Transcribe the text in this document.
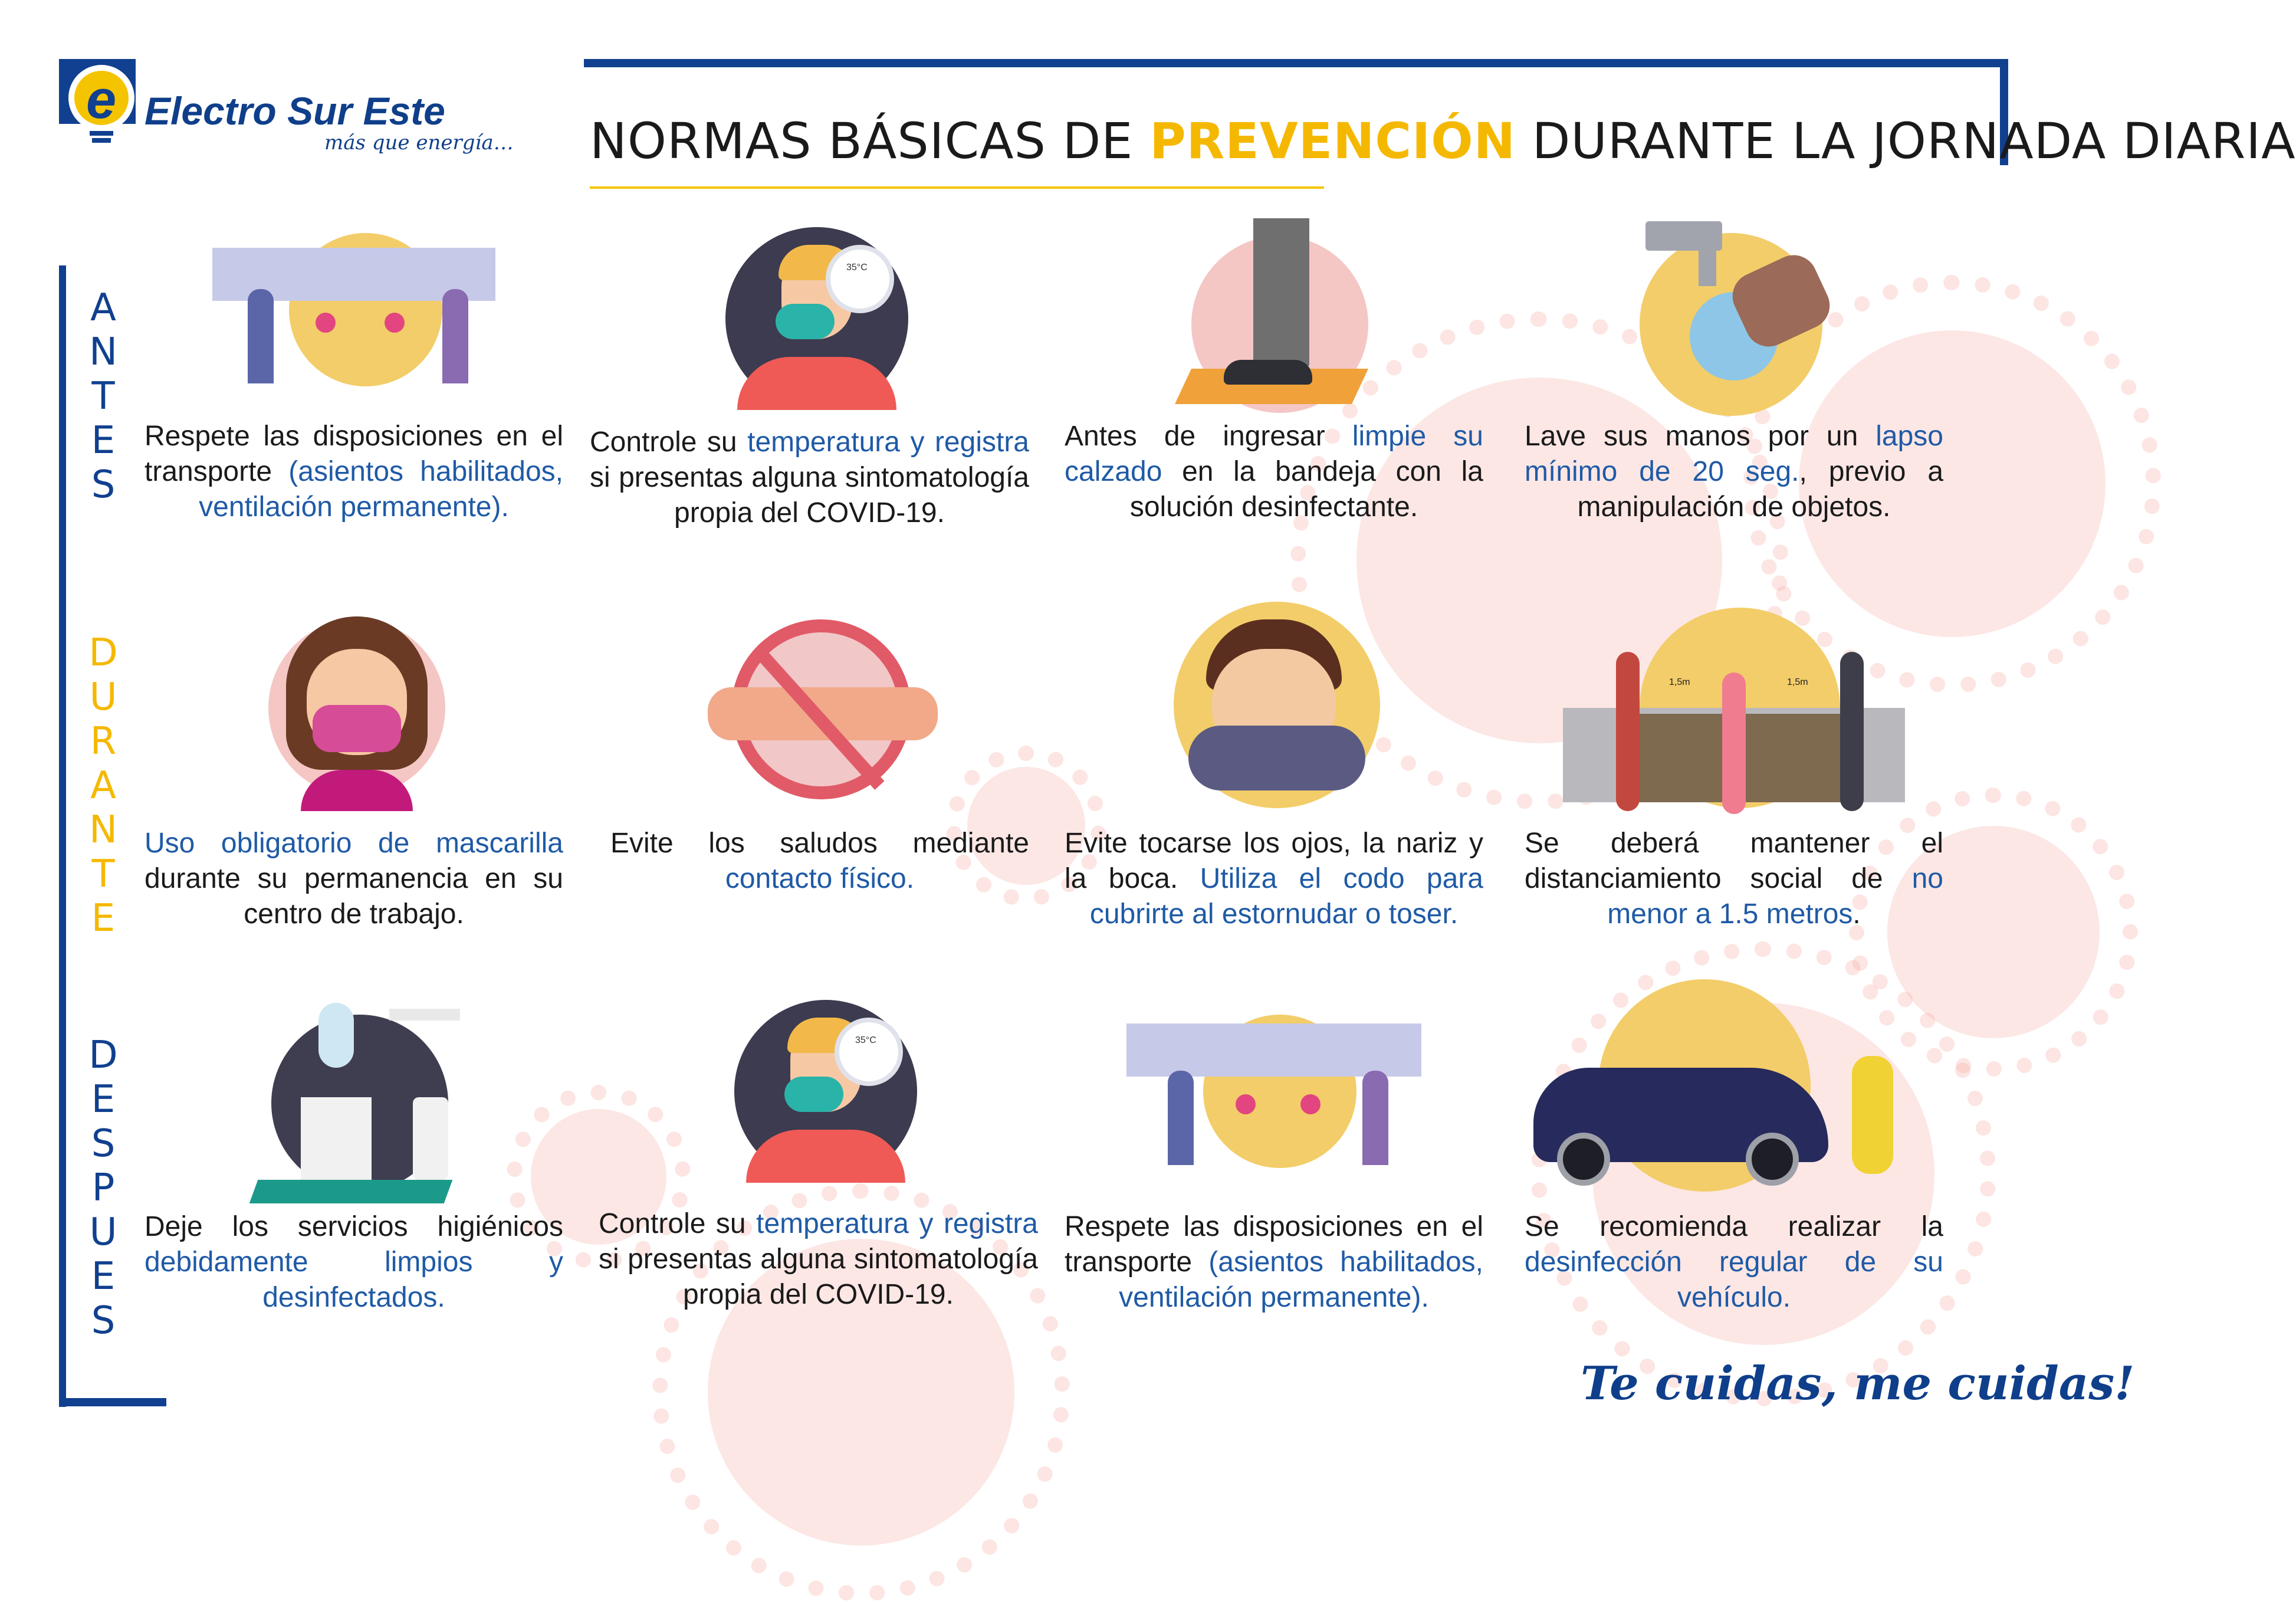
e Electro Sur Este
más que energía… NORMAS BÁSICAS DE PREVENCIÓN DURANTE LA JORNADA DIARIA
ANTES
DURANTE
DESPUES
Respete las disposiciones en el transporte (asientos habilitados, ventilación permanente).
35°C
Controle su temperatura y registra si presentas alguna sintomatología propia del COVID-19.
Antes de ingresar limpie su calzado en la bandeja con la solución desinfectante.
Lave sus manos por un lapso mínimo de 20 seg., previo a manipulación de objetos.
Uso obligatorio de mascarilla durante su permanencia en su centro de trabajo.
Evite los saludos mediante contacto físico.
Evite tocarse los ojos, la nariz y la boca. Utiliza el codo para cubrirte al estornudar o toser.
1,5m	1,5m
Se deberá mantener el distanciamiento social de no menor a 1.5 metros.
Deje los servicios higiénicos debidamente limpios y desinfectados.
35°C
Controle su temperatura y registra si presentas alguna sintomatología propia del COVID-19.
Respete las disposiciones en el transporte (asientos habilitados, ventilación permanente).
Se recomienda realizar la desinfección regular de su vehículo.
Te cuidas, me cuidas!
